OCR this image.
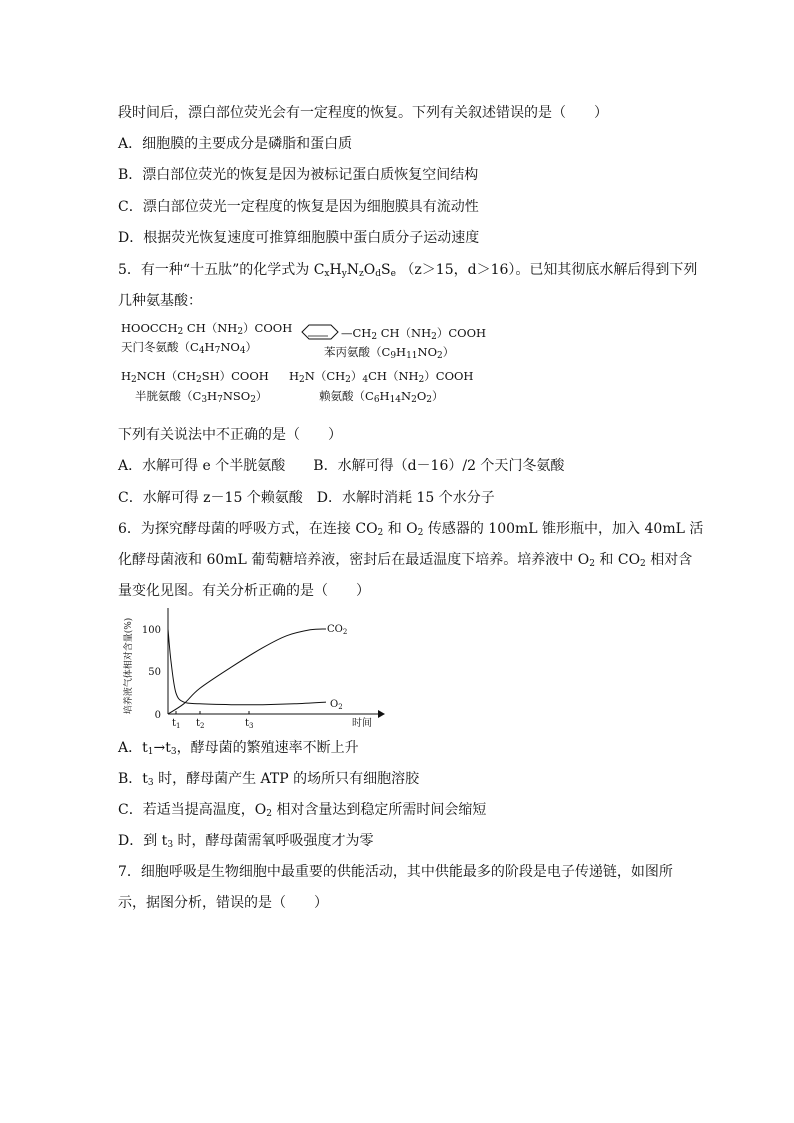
段时间后，漂白部位荧光会有一定程度的恢复。下列有关叙述错误的是（　　）
A．细胞膜的主要成分是磷脂和蛋白质
B．漂白部位荧光的恢复是因为被标记蛋白质恢复空间结构
C．漂白部位荧光一定程度的恢复是因为细胞膜具有流动性
D．根据荧光恢复速度可推算细胞膜中蛋白质分子运动速度
5．有一种“十五肽”的化学式为 $C_xH_yN_zO_dS_e$ （z＞15，d＞16）。已知其彻底水解后得到下列
几种氨基酸：
$HOOCCH_2$ $CH(NH_2)COOH$
天门冬氨酸$(C_4H_7NO_4)$
$—CH_2$ $CH(NH_2)COOH$
苯丙氨酸$(C_9H_{11}NO_2)$
$H_2NCH(CH_2SH)COOH$
半胱氨酸$(C_3H_7NSO_2)$
$H_2N(CH_2)_4CH(NH_2)COOH$
赖氨酸$(C_6H_{14}N_2O_2)$
下列有关说法中不正确的是（　　）
A．水解可得 e 个半胱氨酸　　B．水解可得（d－16）/2 个天门冬氨酸
C．水解可得 z－15 个赖氨酸　D．水解时消耗 15 个水分子
6．为探究酵母菌的呼吸方式，在连接 $CO_2$ 和 $O_2$ 传感器的 100mL 锥形瓶中，加入 40mL 活
化酵母菌液和 60mL 葡萄糖培养液，密封后在最适温度下培养。培养液中 $O_2$ 和 $CO_2$ 相对含
量变化见图。有关分析正确的是（　　）
培养液气体相对含量(%) 100
50
0
$t_1$ $t_2$	$t_3$	时间
$CO_2$
$O_2$
A．$t_1\to t_3$，酵母菌的繁殖速率不断上升
B．$t_3$ 时，酵母菌产生 ATP 的场所只有细胞溶胶
C．若适当提高温度，$O_2$ 相对含量达到稳定所需时间会缩短
D．到 $t_3$ 时，酵母菌需氧呼吸强度才为零
7．细胞呼吸是生物细胞中最重要的供能活动，其中供能最多的阶段是电子传递链，如图所
示，据图分析，错误的是（　　）
